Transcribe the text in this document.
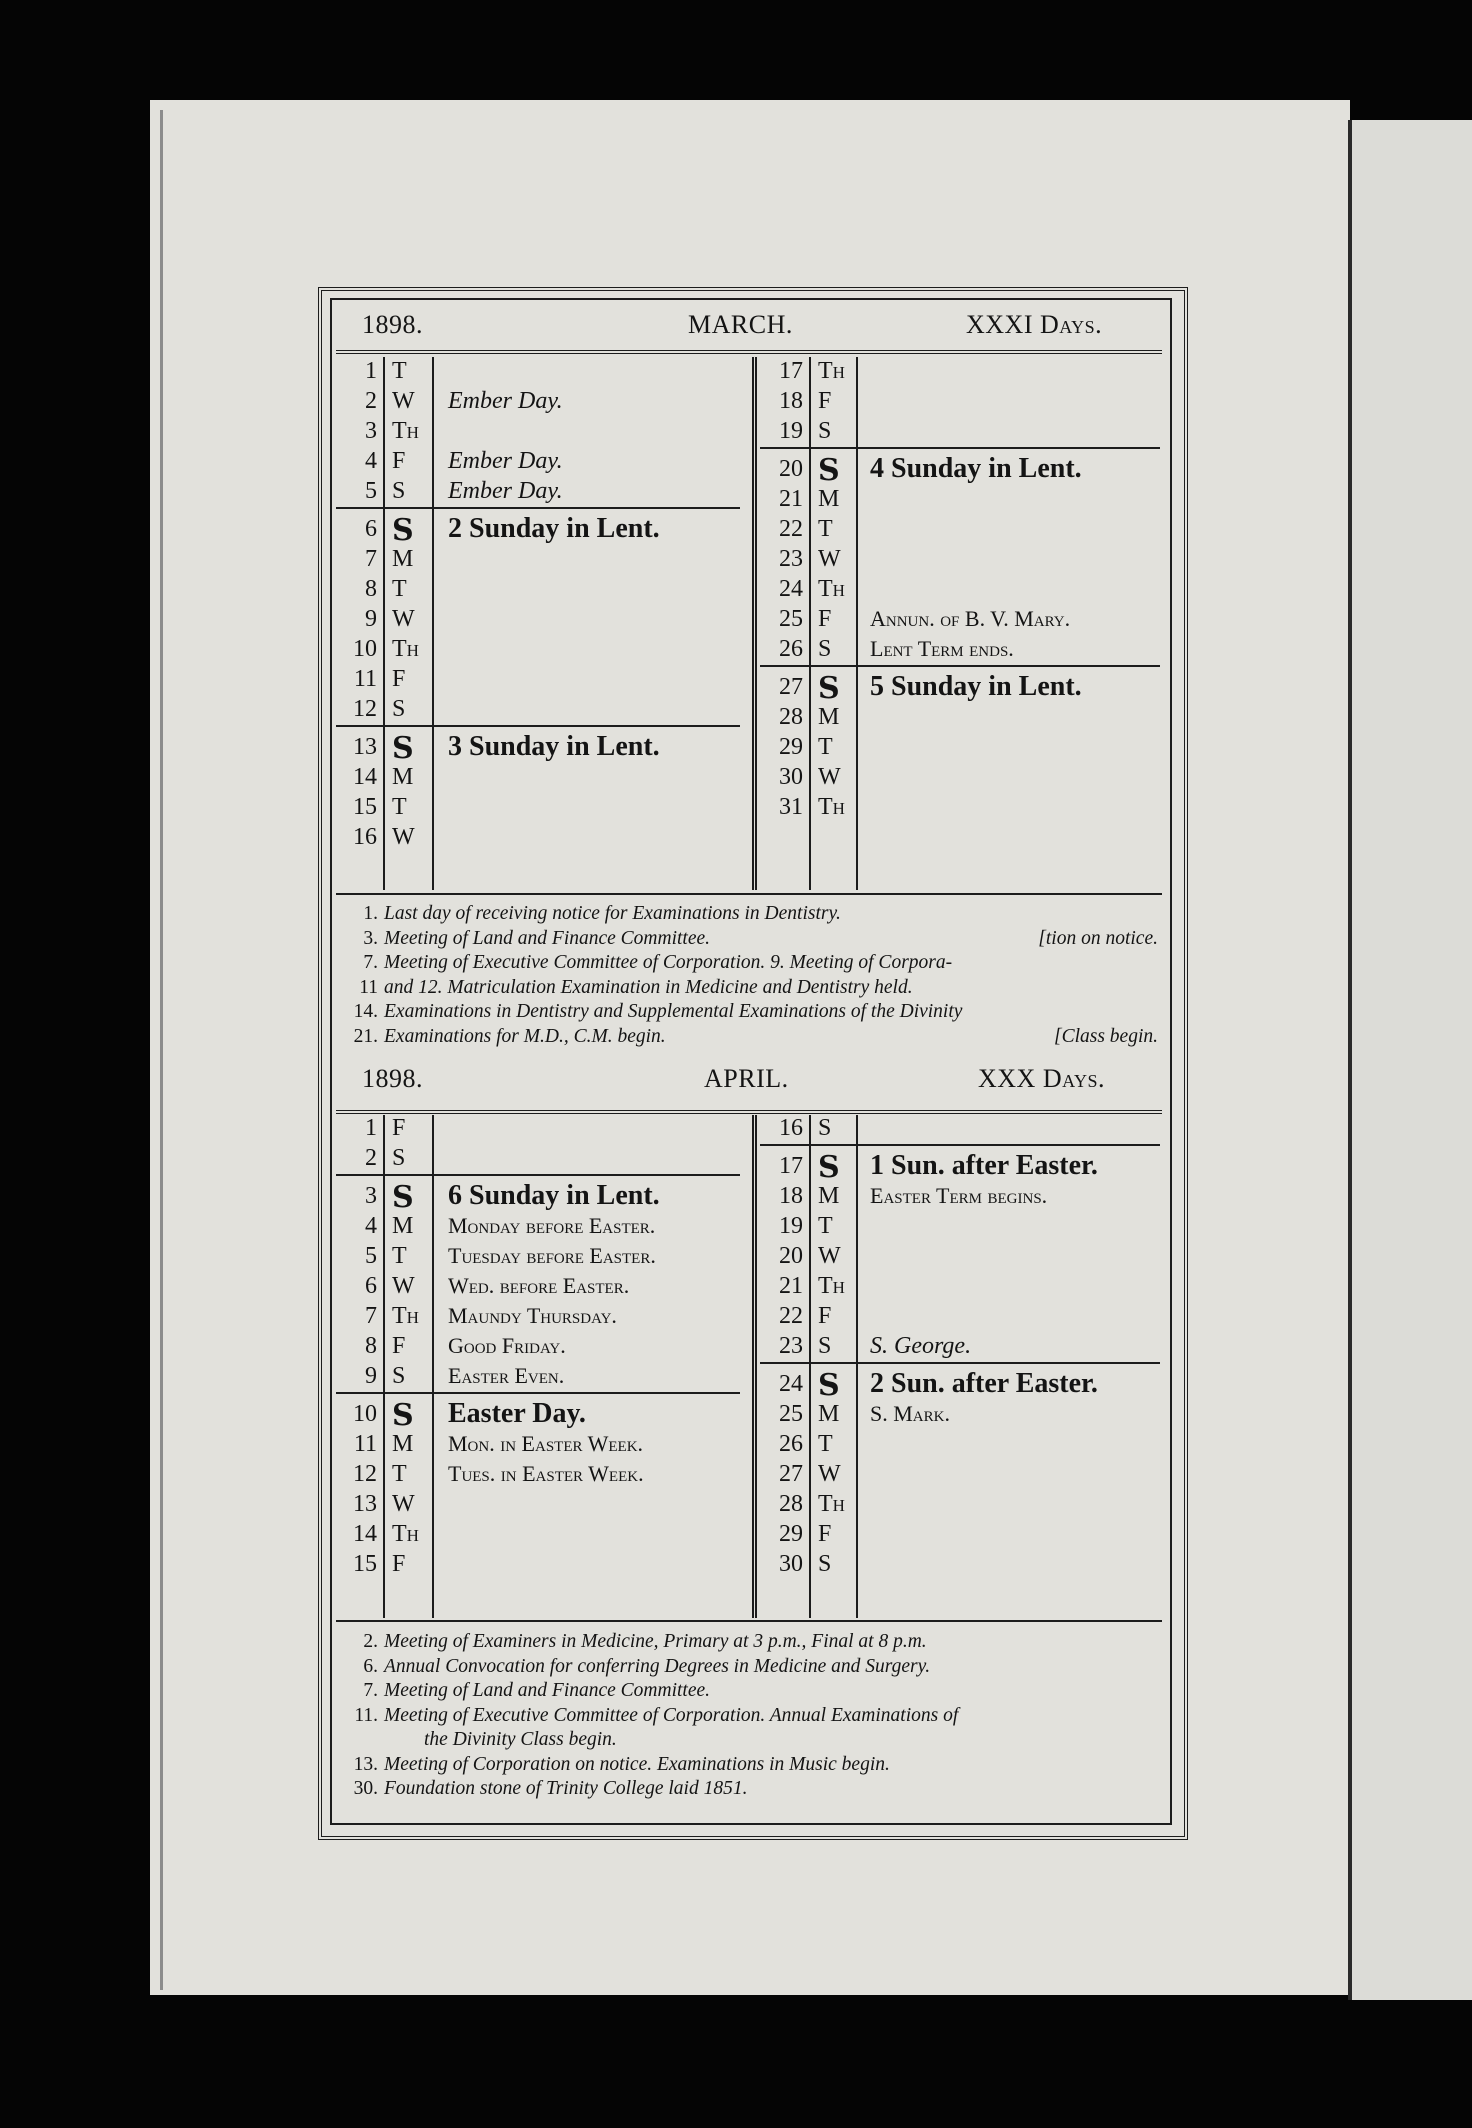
1898.	MARCH.	XXXI Days.
1 T
2 W Ember Day.
3 Th
4 F Ember Day.
5 S Ember Day.
6 S 2 Sunday in Lent.
7 M
8 T
9 W
10 Th
11 F
12 S
13 S 3 Sunday in Lent.
14 M
15 T
16 W
17 Th
18 F
19 S
20 S 4 Sunday in Lent.
21 M
22 T
23 W
24 Th
25 F Annun. of B. V. Mary.
26 S Lent Term ends.
27 S 5 Sunday in Lent.
28 M
29 T
30 W
31 Th
1. Last day of receiving notice for Examinations in Dentistry.
3. Meeting of Land and Finance Committee.	[tion on notice.
7. Meeting of Executive Committee of Corporation. 9. Meeting of Corpora-
11 and 12. Matriculation Examination in Medicine and Dentistry held.
14. Examinations in Dentistry and Supplemental Examinations of the Divinity
21. Examinations for M.D., C.M. begin.	[Class begin.
1898.	APRIL.	XXX Days.
1 F
2 S
3 S 6 Sunday in Lent.
4 M Monday before Easter.
5 T Tuesday before Easter.
6 W Wed. before Easter.
7 Th Maundy Thursday.
8 F Good Friday.
9 S Easter Even.
10 S Easter Day.
11 M Mon. in Easter Week.
12 T Tues. in Easter Week.
13 W
14 Th
15 F
16 S
17 S 1 Sun. after Easter.
18 M Easter Term begins.
19 T
20 W
21 Th
22 F
23 S S. George.
24 S 2 Sun. after Easter.
25 M S. Mark.
26 T
27 W
28 Th
29 F
30 S
2. Meeting of Examiners in Medicine, Primary at 3 p.m., Final at 8 p.m.
6. Annual Convocation for conferring Degrees in Medicine and Surgery.
7. Meeting of Land and Finance Committee.
11. Meeting of Executive Committee of Corporation. Annual Examinations of
the Divinity Class begin.
13. Meeting of Corporation on notice. Examinations in Music begin.
30. Foundation stone of Trinity College laid 1851.
